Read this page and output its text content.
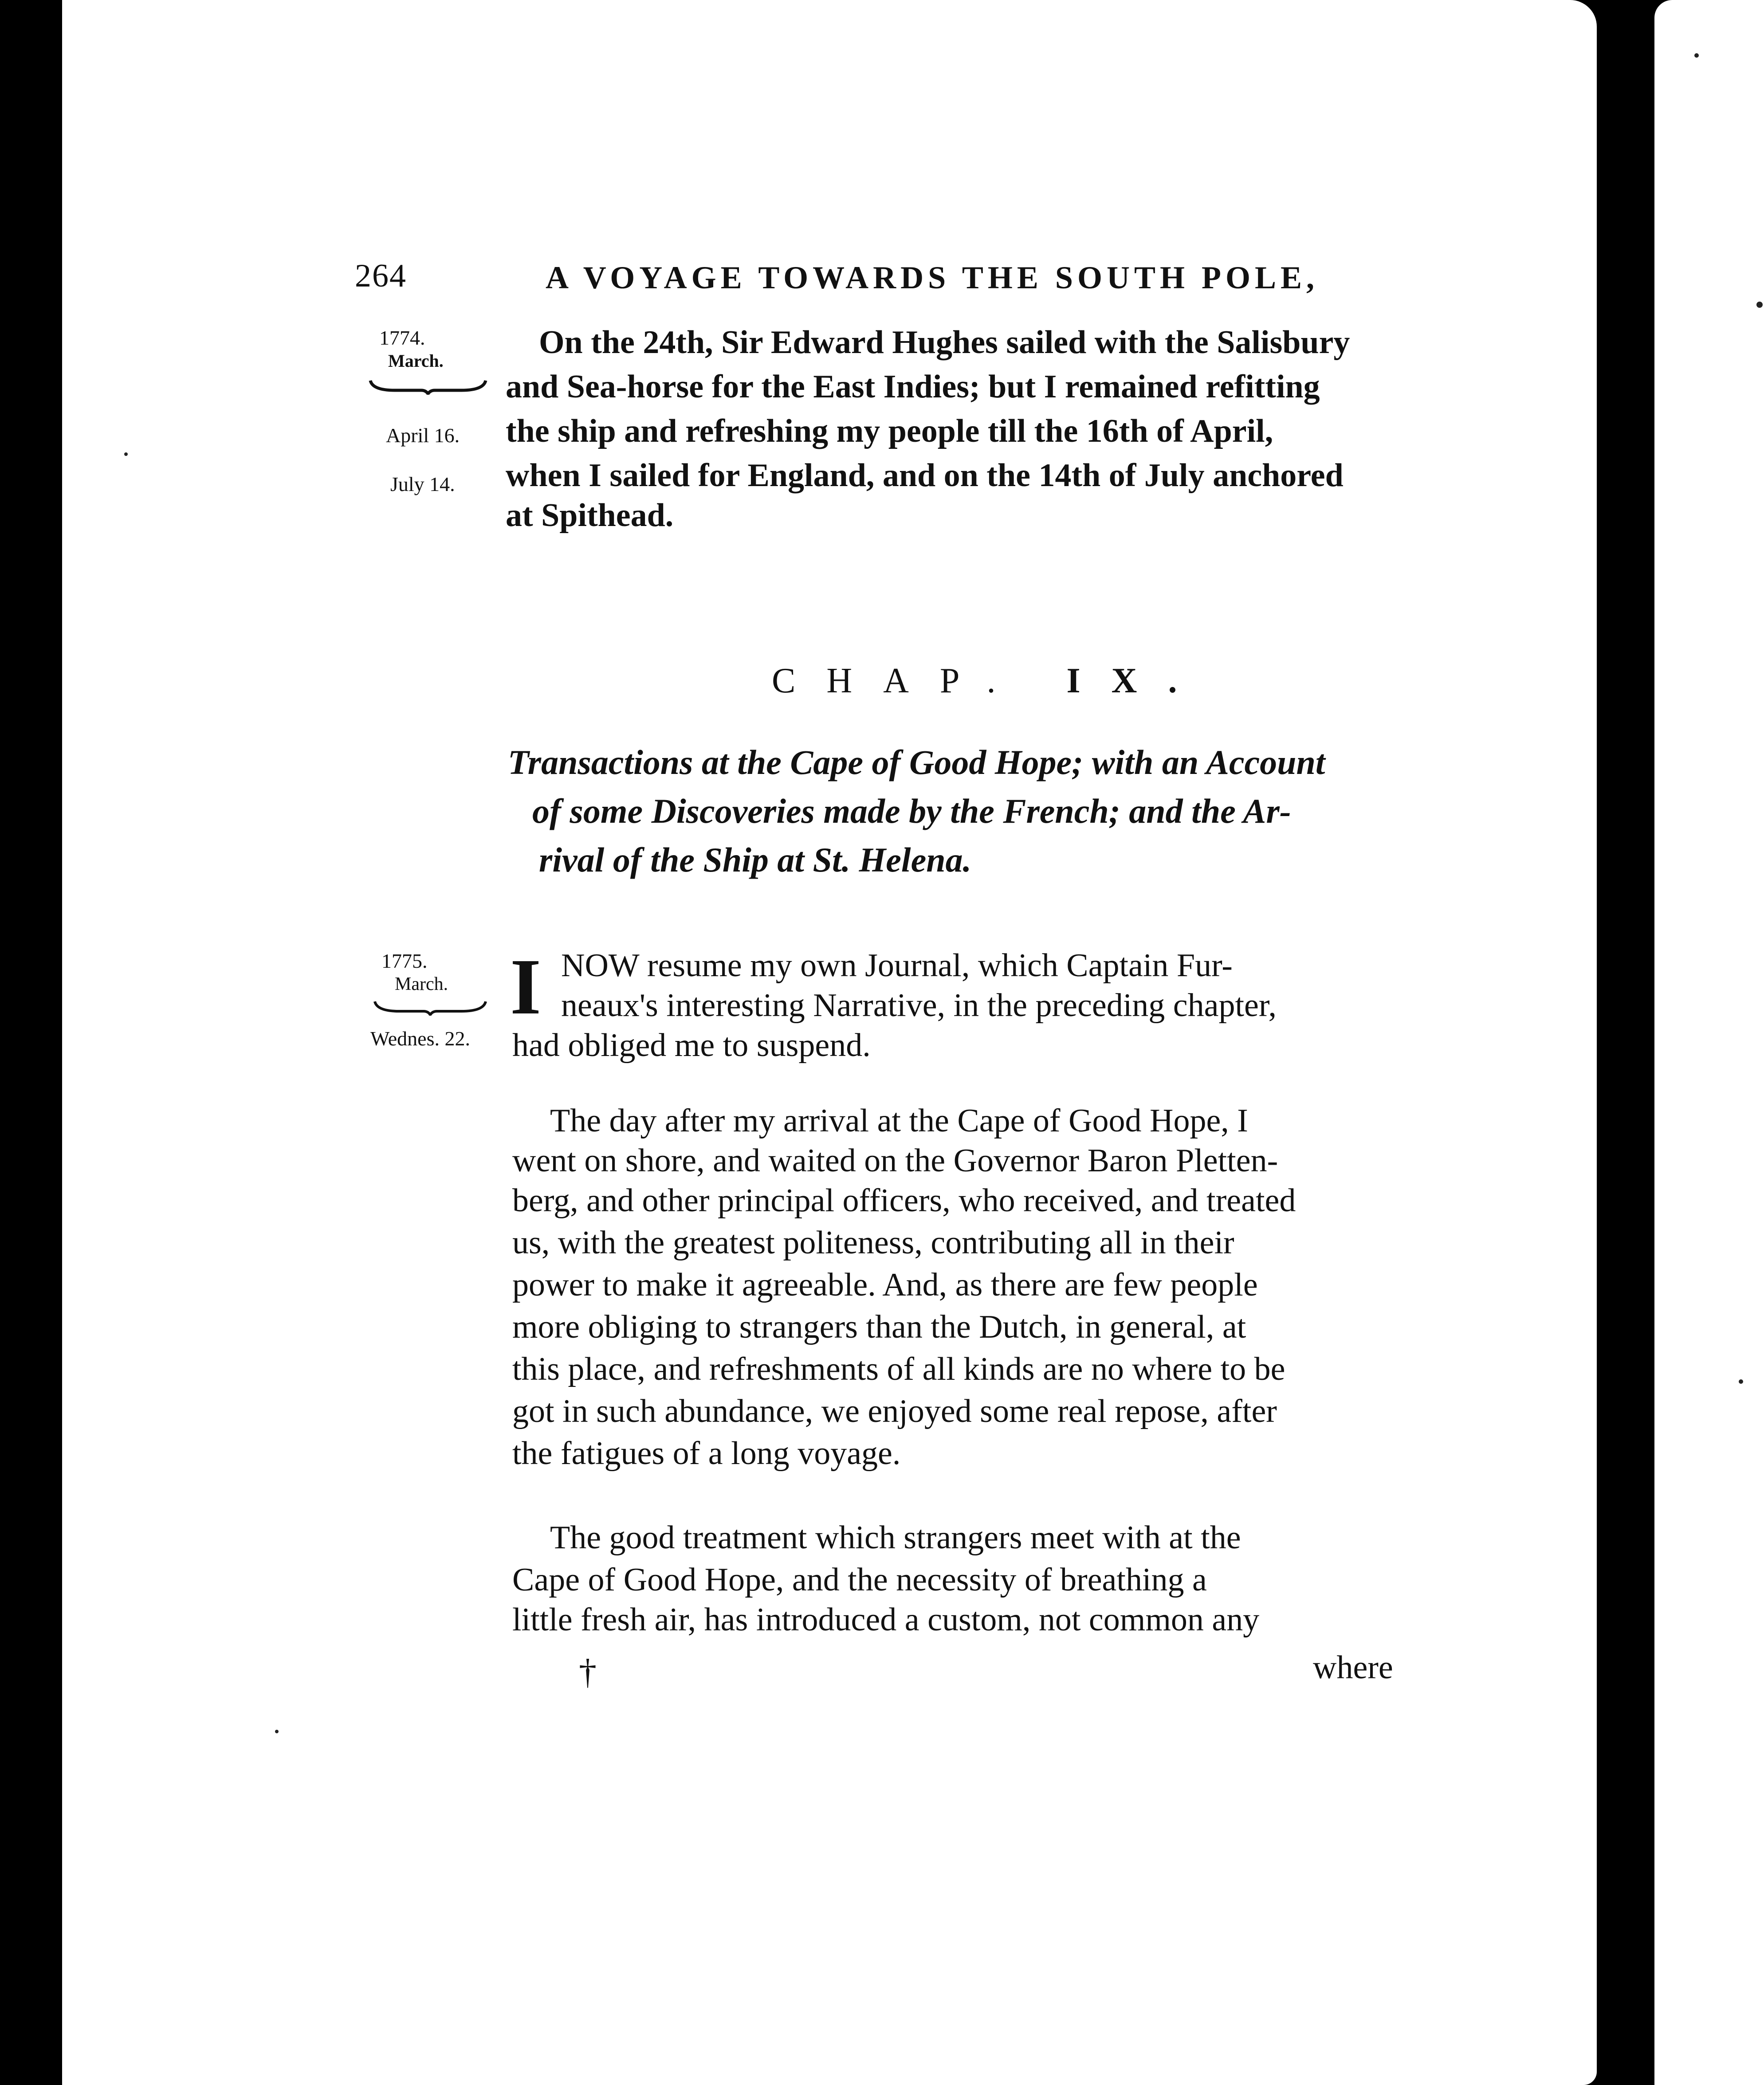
264	A VOYAGE TOWARDS THE SOUTH POLE,
1774.
March.
April 16.
July 14.
On the 24th, Sir Edward Hughes sailed with the Salisbury
and Sea-horse for the East Indies; but I remained refitting
the ship and refreshing my people till the 16th of April,
when I sailed for England, and on the 14th of July anchored
at Spithead.
CHAP. IX.
Transactions at the Cape of Good Hope; with an Account
of some Discoveries made by the French; and the Ar-
rival of the Ship at St. Helena.
1775.
March.
Wednes. 22.
I NOW resume my own Journal, which Captain Fur-
neaux's interesting Narrative, in the preceding chapter,
had obliged me to suspend.
The day after my arrival at the Cape of Good Hope, I
went on shore, and waited on the Governor Baron Pletten-
berg, and other principal officers, who received, and treated
us, with the greatest politeness, contributing all in their
power to make it agreeable. And, as there are few people
more obliging to strangers than the Dutch, in general, at
this place, and refreshments of all kinds are no where to be
got in such abundance, we enjoyed some real repose, after
the fatigues of a long voyage.
The good treatment which strangers meet with at the
Cape of Good Hope, and the necessity of breathing a
little fresh air, has introduced a custom, not common any
†	where
